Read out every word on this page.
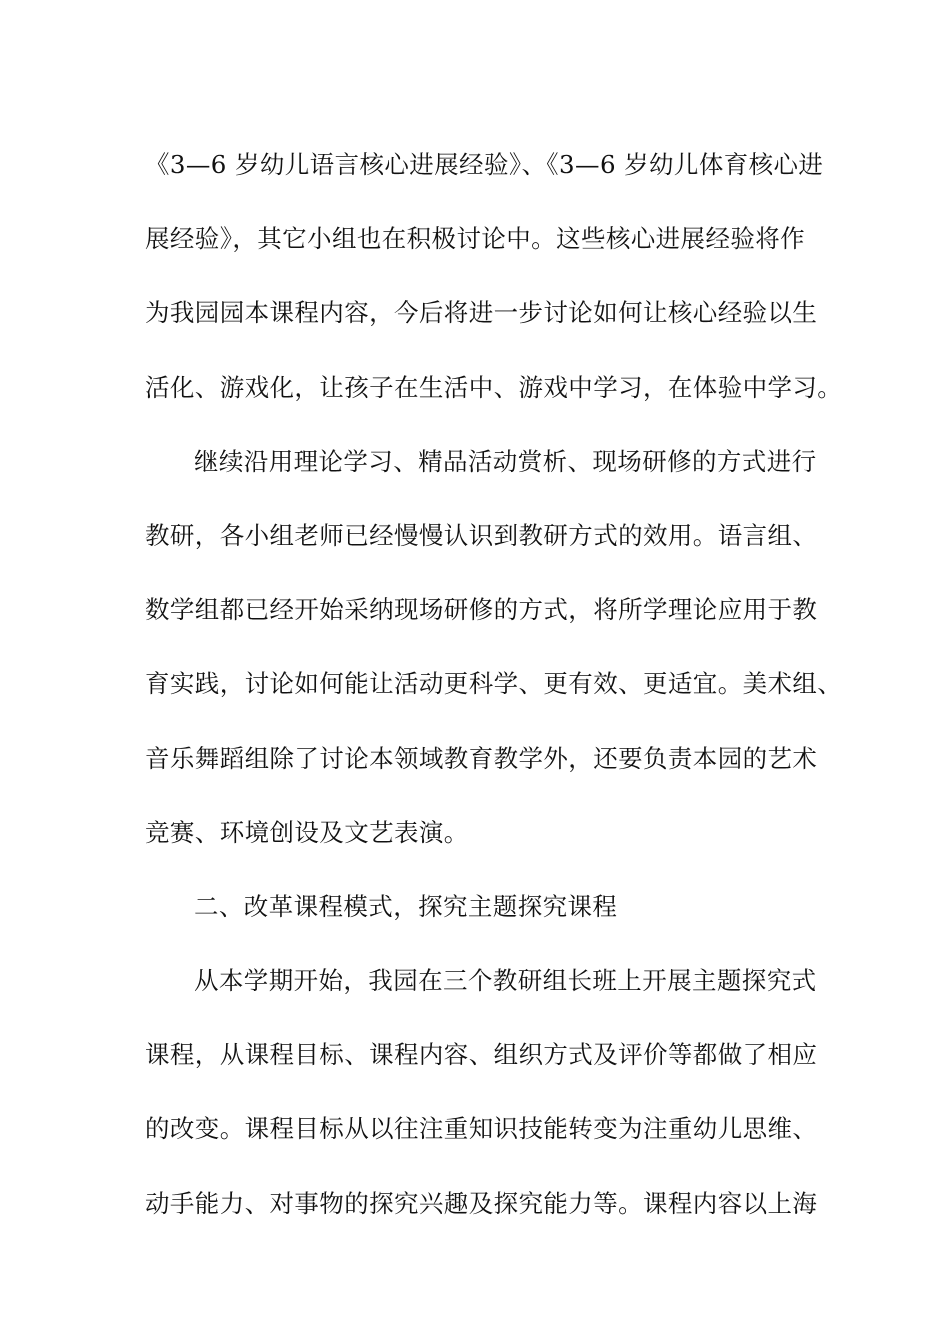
《3—6 岁幼儿语言核心进展经验》、《3—6 岁幼儿体育核心进
展经验》，其它小组也在积极讨论中。这些核心进展经验将作
为我园园本课程内容，今后将进一步讨论如何让核心经验以生
活化、游戏化，让孩子在生活中、游戏中学习，在体验中学习。
继续沿用理论学习、精品活动赏析、现场研修的方式进行
教研，各小组老师已经慢慢认识到教研方式的效用。语言组、
数学组都已经开始采纳现场研修的方式，将所学理论应用于教
育实践，讨论如何能让活动更科学、更有效、更适宜。美术组、
音乐舞蹈组除了讨论本领域教育教学外，还要负责本园的艺术
竞赛、环境创设及文艺表演。
二、改革课程模式，探究主题探究课程
从本学期开始，我园在三个教研组长班上开展主题探究式
课程，从课程目标、课程内容、组织方式及评价等都做了相应
的改变。课程目标从以往注重知识技能转变为注重幼儿思维、
动手能力、对事物的探究兴趣及探究能力等。课程内容以上海
